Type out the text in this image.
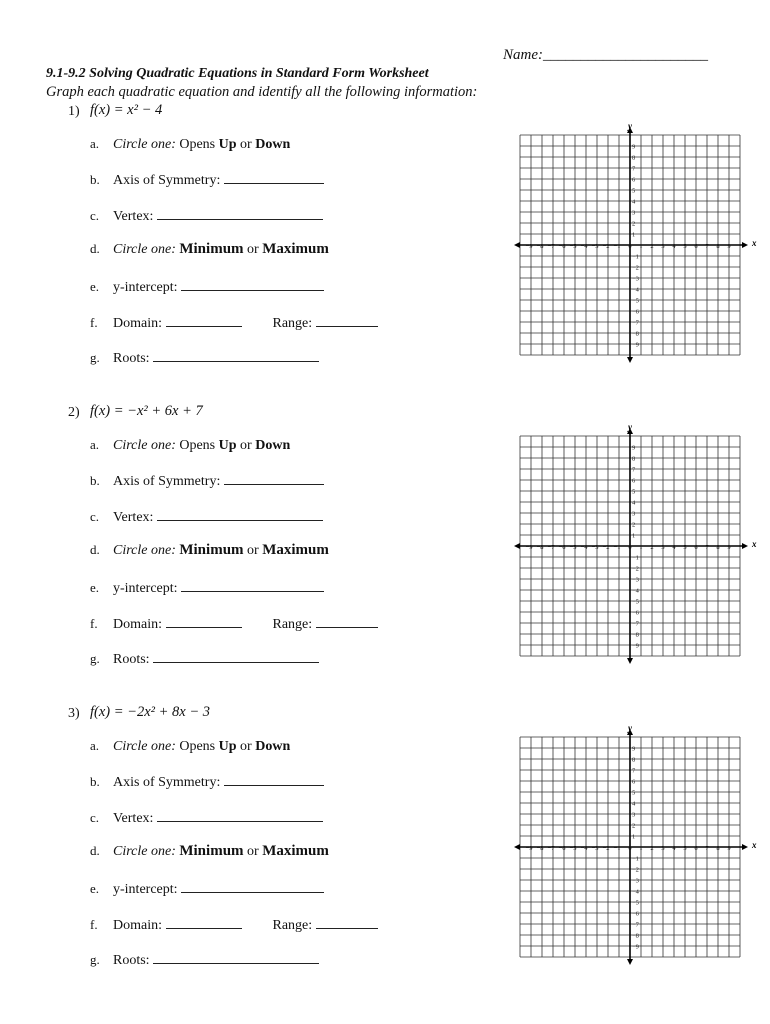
Name:______________________
9.1-9.2 Solving Quadratic Equations in Standard Form Worksheet
Graph each quadratic equation and identify all the following information:
1) f(x) = x² − 4
a. Circle one: Opens Up or Down
b. Axis of Symmetry:
c. Vertex:
d. Circle one: Minimum or Maximum
e. y-intercept:
f. Domain:	Range:
g. Roots:
x
y
−9 −8 −7 −6 −5 −4 −3 −2 −1 0 1 2 3 4 5 6 7 8 9
9
8
7
6
5
4
3
2
1
−1
−2
−3
−4
−5
−6
−7
−8
−9
2) f(x) = −x² + 6x + 7
a. Circle one: Opens Up or Down
b. Axis of Symmetry:
c. Vertex:
d. Circle one: Minimum or Maximum
e. y-intercept:
f. Domain:	Range:
g. Roots:
x
y
−9 −8 −7 −6 −5 −4 −3 −2 −1 0 1 2 3 4 5 6 7 8 9
9
8
7
6
5
4
3
2
1
−1
−2
−3
−4
−5
−6
−7
−8
−9
3) f(x) = −2x² + 8x − 3
a. Circle one: Opens Up or Down
b. Axis of Symmetry:
c. Vertex:
d. Circle one: Minimum or Maximum
e. y-intercept:
f. Domain:	Range:
g. Roots:
x
y
−9 −8 −7 −6 −5 −4 −3 −2 −1 0 1 2 3 4 5 6 7 8 9
9
8
7
6
5
4
3
2
1
−1
−2
−3
−4
−5
−6
−7
−8
−9
